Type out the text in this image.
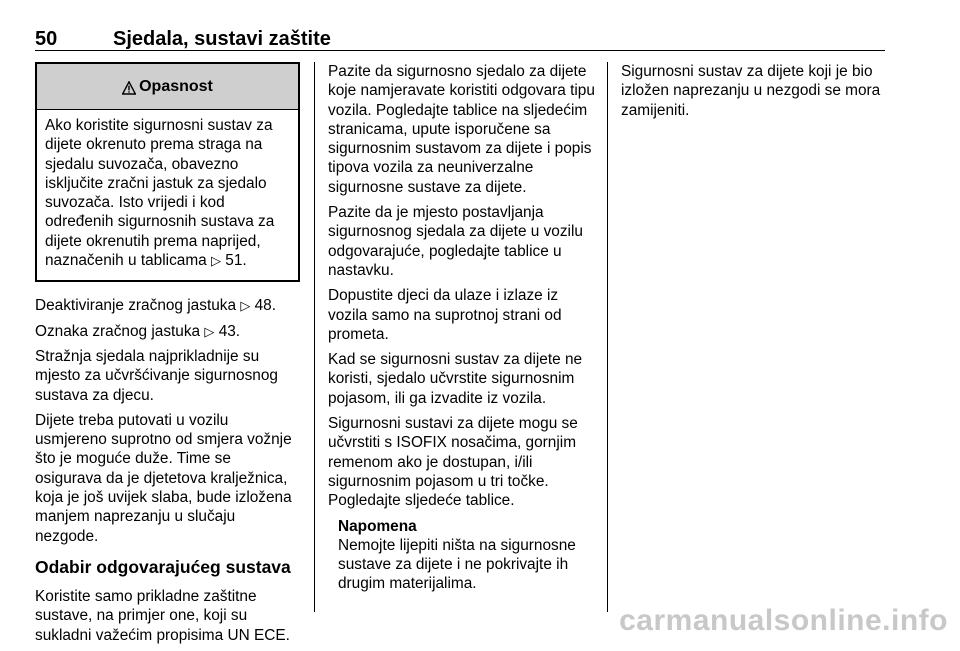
50	Sjedala, sustavi zaštite
Opasnost
Ako koristite sigurnosni sustav za dijete okrenuto prema straga na sjedalu suvozača, obavezno isključite zračni jastuk za sjedalo suvozača. Isto vrijedi i kod određenih sigurnosnih sustava za dijete okrenutih prema naprijed, naznačenih u tablicama ▷ 51.

Deaktiviranje zračnog jastuka ▷ 48.

Oznaka zračnog jastuka ▷ 43.

Stražnja sjedala najprikladnije su mjesto za učvršćivanje sigurnosnog sustava za djecu.

Dijete treba putovati u vozilu usmjereno suprotno od smjera vožnje što je moguće duže. Time se osigurava da je djetetova kralježnica, koja je još uvijek slaba, bude izložena manjem naprezanju u slučaju nezgode.

Odabir odgovarajućeg sustava

Koristite samo prikladne zaštitne sustave, na primjer one, koji su sukladni važećim propisima UN ECE.

Pazite da sigurnosno sjedalo za dijete koje namjeravate koristiti odgovara tipu vozila. Pogledajte tablice na sljedećim stranicama, upute isporučene sa sigurnosnim sustavom za dijete i popis tipova vozila za neuniverzalne sigurnosne sustave za dijete.

Pazite da je mjesto postavljanja sigurnosnog sjedala za dijete u vozilu odgovarajuće, pogledajte tablice u nastavku.

Dopustite djeci da ulaze i izlaze iz vozila samo na suprotnoj strani od prometa.

Kad se sigurnosni sustav za dijete ne koristi, sjedalo učvrstite sigurnosnim pojasom, ili ga izvadite iz vozila.

Sigurnosni sustavi za dijete mogu se učvrstiti s ISOFIX nosačima, gornjim remenom ako je dostupan, i/ili sigurnosnim pojasom u tri točke. Pogledajte sljedeće tablice.

Napomena
Nemojte lijepiti ništa na sigurnosne sustave za dijete i ne pokrivajte ih drugim materijalima.

Sigurnosni sustav za dijete koji je bio izložen naprezanju u nezgodi se mora zamijeniti.

carmanualsonline.info
